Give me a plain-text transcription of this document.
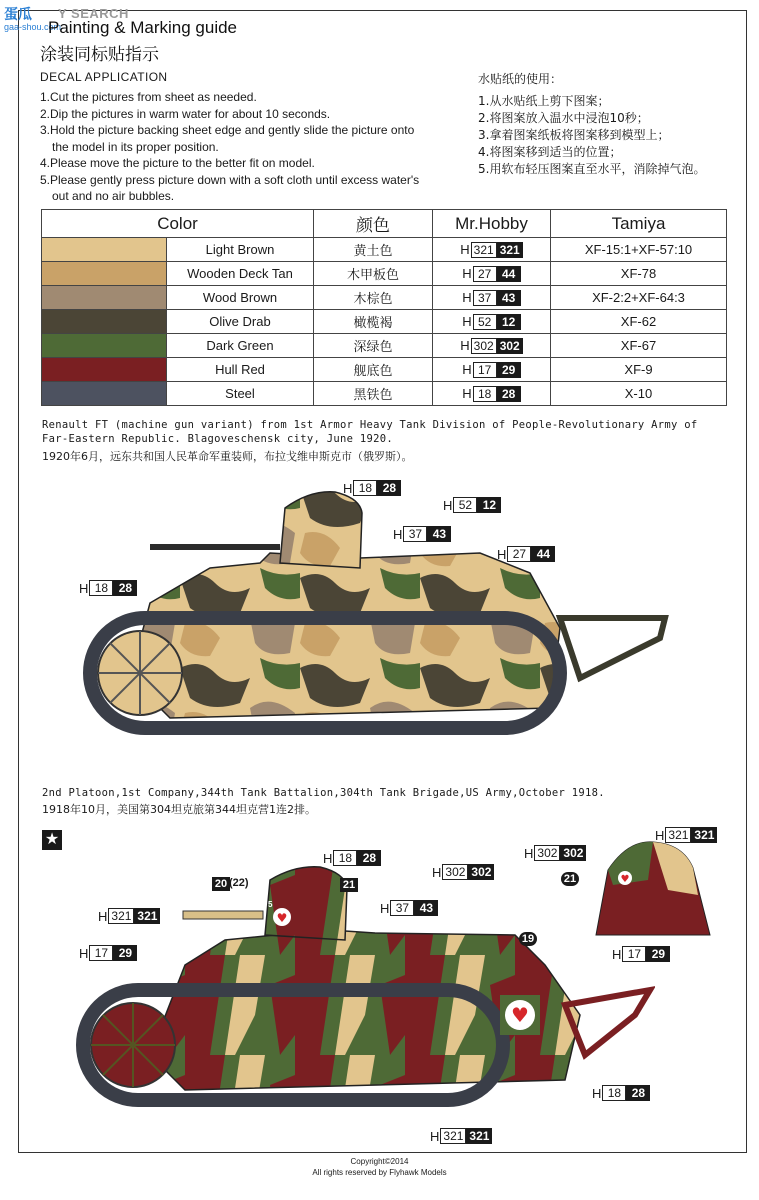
蛋瓜 Y SEARCH
gaa-shou.com
Painting & Marking guide
涂装同标贴指示
DECAL APPLICATION
1.Cut the pictures from sheet as needed.
2.Dip the pictures in warm water for about 10 seconds.
3.Hold the picture backing sheet edge and gently slide the picture onto
the model in its proper position.
4.Please move the picture to the better fit on model.
5.Please gently press picture down with a soft cloth until excess water's
out and no air bubbles.
水贴纸的使用：
1.从水贴纸上剪下图案；
2.将图案放入温水中浸泡10秒；
3.拿着图案纸板将图案移到模型上；
4.将图案移到适当的位置；
5.用软布轻压图案直至水平，消除掉气泡。
Color		颜色	Mr.Hobby	Tamiya
	Light Brown	黄土色	H 321 321	XF-15:1+XF-57:10
	Wooden Deck Tan	木甲板色	H 27 44	XF-78
	Wood Brown	木棕色	H 37 43	XF-2:2+XF-64:3
	Olive Drab	橄榄褐	H 52 12	XF-62
	Dark Green	深绿色	H 302 302	XF-67
	Hull Red	舰底色	H 17 29	XF-9
	Steel	黑铁色	H 18 28	X-10
Renault FT (machine gun variant) from 1st Armor Heavy Tank Division of People-Revolutionary Army of
Far-Eastern Republic. Blagoveschensk city, June 1920.
1920年6月，远东共和国人民革命军重装师，布拉戈维申斯克市（俄罗斯）。
H 18 28
H 52 12
H 37 43
H 27 44
H 18 28
2nd Platoon,1st Company,344th Tank Battalion,304th Tank Brigade,US Army,October 1918.
1918年10月，美国第304坦克旅第344坦克营1连2排。
★
♥
♥
♥
H 18 28
H 302 302
H 321 321
H 37 43
H 17 29
H 18 28
H 321 321
H 302 302
H 321 321
H 17 29
20 (22)	21
19
21
5
Copyright©2014
All rights reserved by Flyhawk Models
